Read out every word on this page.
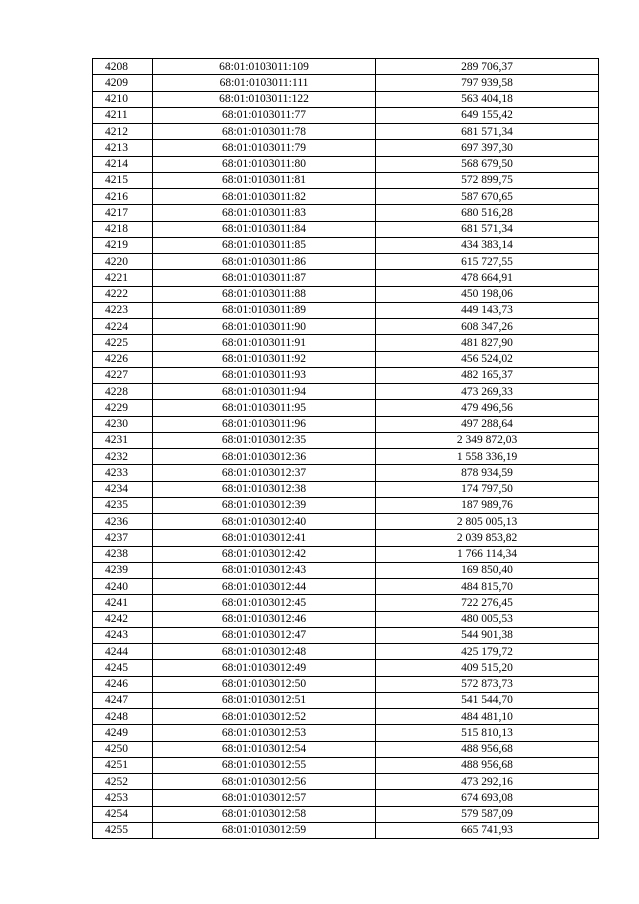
4208	68:01:0103011:109	289 706,37
4209	68:01:0103011:111	797 939,58
4210	68:01:0103011:122	563 404,18
4211	68:01:0103011:77	649 155,42
4212	68:01:0103011:78	681 571,34
4213	68:01:0103011:79	697 397,30
4214	68:01:0103011:80	568 679,50
4215	68:01:0103011:81	572 899,75
4216	68:01:0103011:82	587 670,65
4217	68:01:0103011:83	680 516,28
4218	68:01:0103011:84	681 571,34
4219	68:01:0103011:85	434 383,14
4220	68:01:0103011:86	615 727,55
4221	68:01:0103011:87	478 664,91
4222	68:01:0103011:88	450 198,06
4223	68:01:0103011:89	449 143,73
4224	68:01:0103011:90	608 347,26
4225	68:01:0103011:91	481 827,90
4226	68:01:0103011:92	456 524,02
4227	68:01:0103011:93	482 165,37
4228	68:01:0103011:94	473 269,33
4229	68:01:0103011:95	479 496,56
4230	68:01:0103011:96	497 288,64
4231	68:01:0103012:35	2 349 872,03
4232	68:01:0103012:36	1 558 336,19
4233	68:01:0103012:37	878 934,59
4234	68:01:0103012:38	174 797,50
4235	68:01:0103012:39	187 989,76
4236	68:01:0103012:40	2 805 005,13
4237	68:01:0103012:41	2 039 853,82
4238	68:01:0103012:42	1 766 114,34
4239	68:01:0103012:43	169 850,40
4240	68:01:0103012:44	484 815,70
4241	68:01:0103012:45	722 276,45
4242	68:01:0103012:46	480 005,53
4243	68:01:0103012:47	544 901,38
4244	68:01:0103012:48	425 179,72
4245	68:01:0103012:49	409 515,20
4246	68:01:0103012:50	572 873,73
4247	68:01:0103012:51	541 544,70
4248	68:01:0103012:52	484 481,10
4249	68:01:0103012:53	515 810,13
4250	68:01:0103012:54	488 956,68
4251	68:01:0103012:55	488 956,68
4252	68:01:0103012:56	473 292,16
4253	68:01:0103012:57	674 693,08
4254	68:01:0103012:58	579 587,09
4255	68:01:0103012:59	665 741,93
